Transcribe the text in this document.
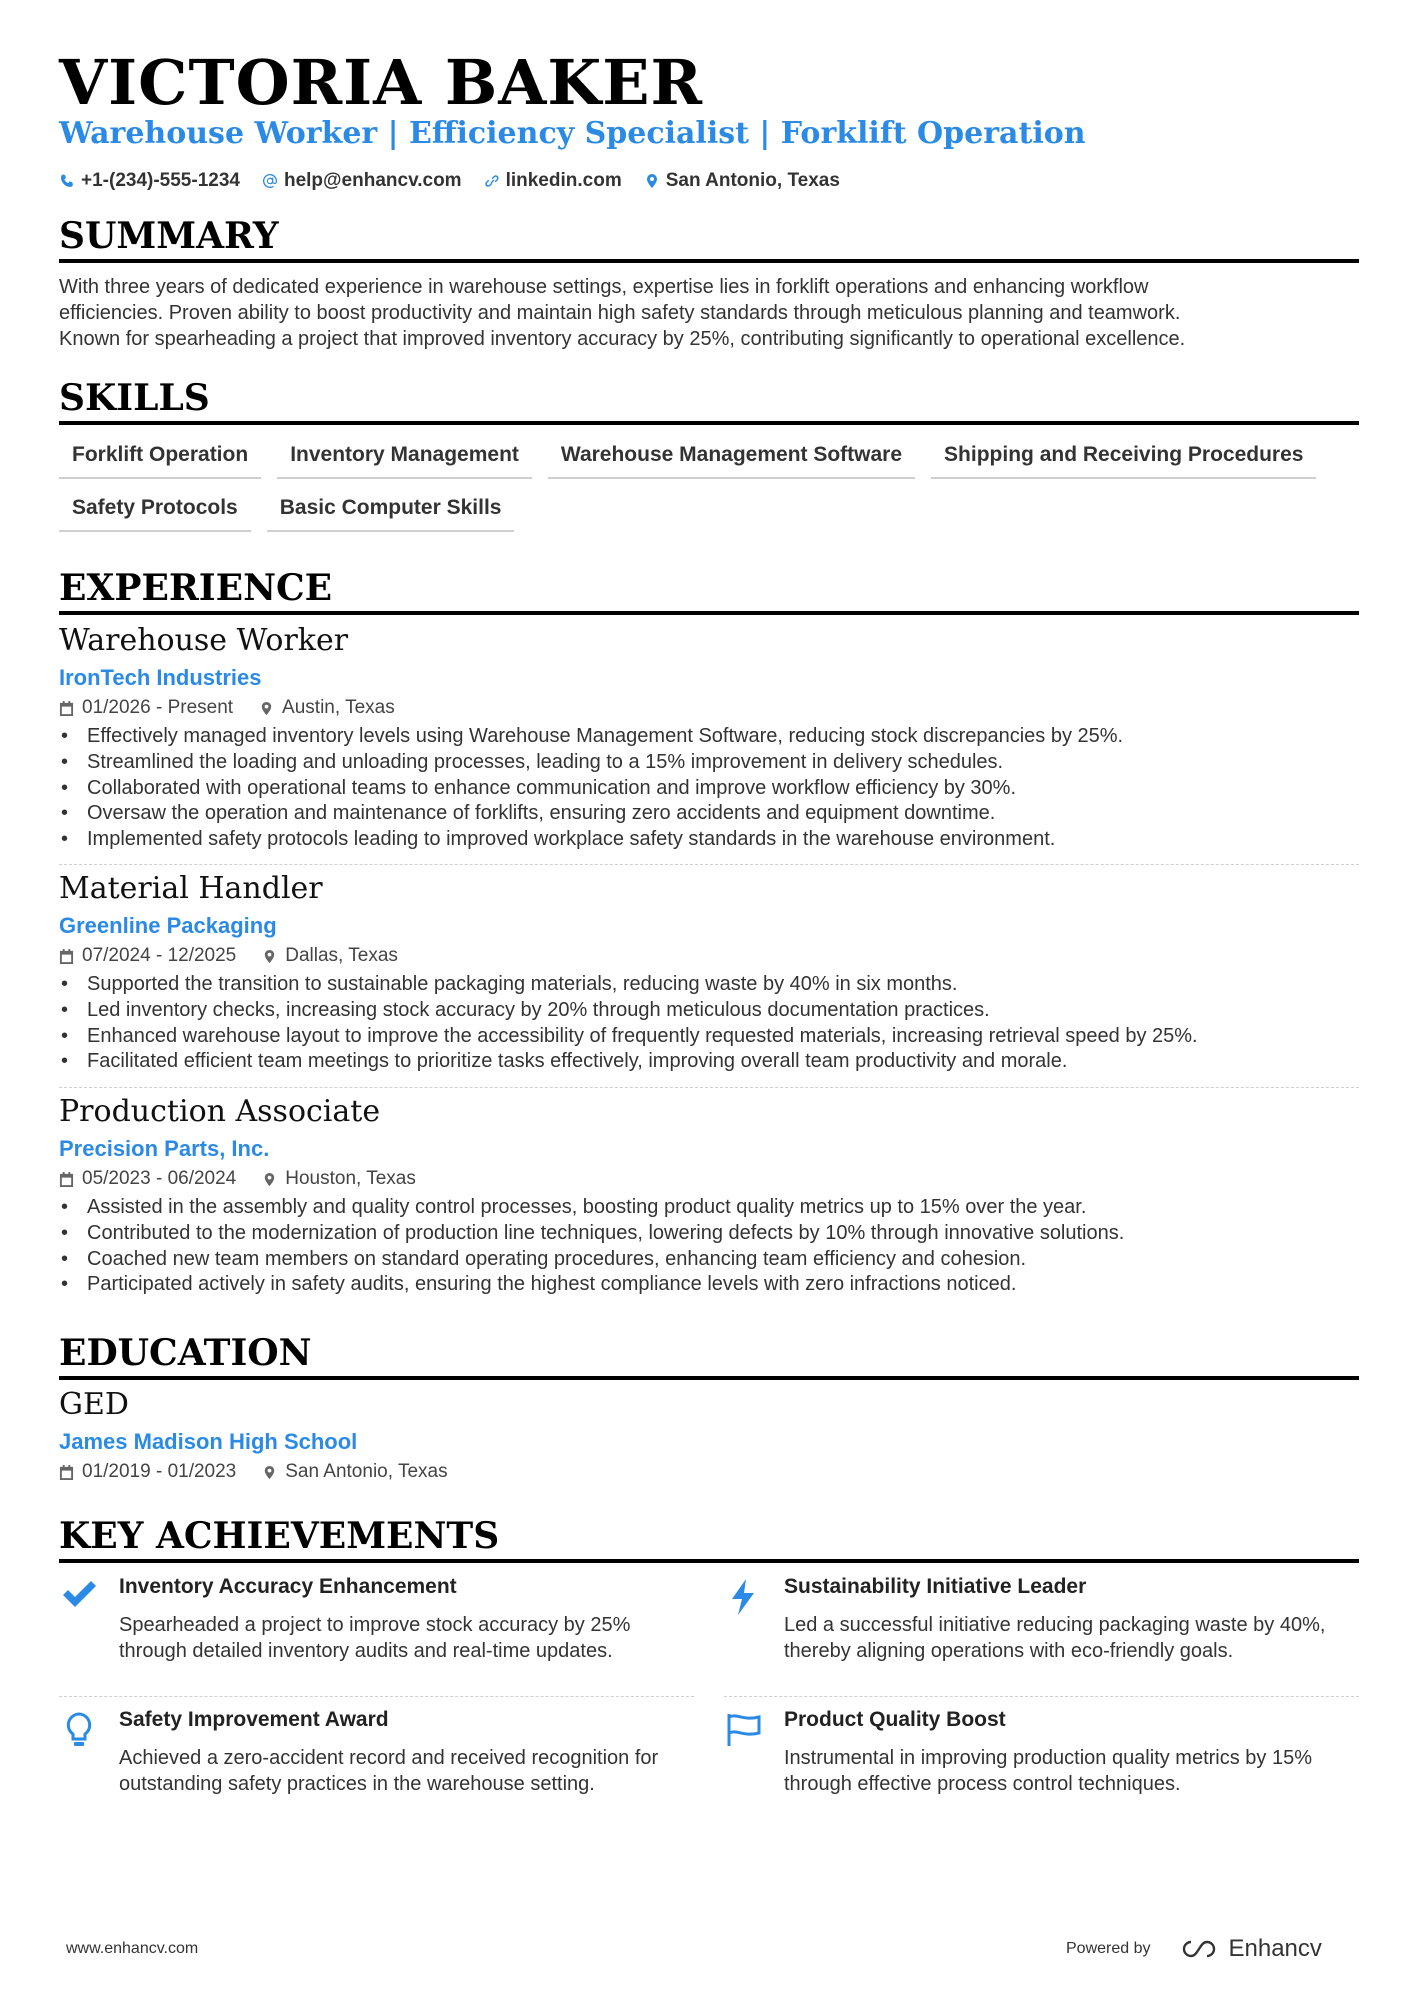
VICTORIA BAKER
Warehouse Worker | Efficiency Specialist | Forklift Operation
+1-(234)-555-1234 help@enhancv.com linkedin.com San Antonio, Texas
SUMMARY
With three years of dedicated experience in warehouse settings, expertise lies in forklift operations and enhancing workflow
efficiencies. Proven ability to boost productivity and maintain high safety standards through meticulous planning and teamwork.
Known for spearheading a project that improved inventory accuracy by 25%, contributing significantly to operational excellence.
SKILLS
Forklift Operation	Inventory Management	Warehouse Management Software	Shipping and Receiving Procedures
Safety Protocols	Basic Computer Skills
EXPERIENCE
Warehouse Worker
IronTech Industries
01/2026 - Present	Austin, Texas
• Effectively managed inventory levels using Warehouse Management Software, reducing stock discrepancies by 25%.
• Streamlined the loading and unloading processes, leading to a 15% improvement in delivery schedules.
• Collaborated with operational teams to enhance communication and improve workflow efficiency by 30%.
• Oversaw the operation and maintenance of forklifts, ensuring zero accidents and equipment downtime.
• Implemented safety protocols leading to improved workplace safety standards in the warehouse environment.
Material Handler
Greenline Packaging
07/2024 - 12/2025	Dallas, Texas
• Supported the transition to sustainable packaging materials, reducing waste by 40% in six months.
• Led inventory checks, increasing stock accuracy by 20% through meticulous documentation practices.
• Enhanced warehouse layout to improve the accessibility of frequently requested materials, increasing retrieval speed by 25%.
• Facilitated efficient team meetings to prioritize tasks effectively, improving overall team productivity and morale.
Production Associate
Precision Parts, Inc.
05/2023 - 06/2024	Houston, Texas
• Assisted in the assembly and quality control processes, boosting product quality metrics up to 15% over the year.
• Contributed to the modernization of production line techniques, lowering defects by 10% through innovative solutions.
• Coached new team members on standard operating procedures, enhancing team efficiency and cohesion.
• Participated actively in safety audits, ensuring the highest compliance levels with zero infractions noticed.
EDUCATION
GED
James Madison High School
01/2019 - 01/2023	San Antonio, Texas
KEY ACHIEVEMENTS
Inventory Accuracy Enhancement
Spearheaded a project to improve stock accuracy by 25% through detailed inventory audits and real-time updates.
Sustainability Initiative Leader
Led a successful initiative reducing packaging waste by 40%, thereby aligning operations with eco-friendly goals.
Safety Improvement Award
Achieved a zero-accident record and received recognition for outstanding safety practices in the warehouse setting.
Product Quality Boost
Instrumental in improving production quality metrics by 15% through effective process control techniques.
www.enhancv.com	Powered by	Enhancv
